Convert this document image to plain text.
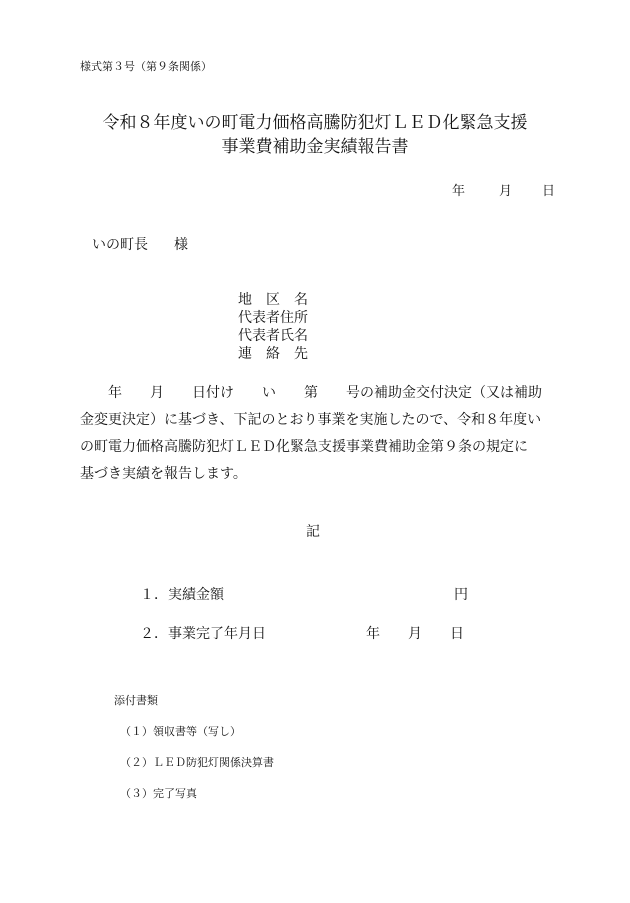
様式第３号（第９条関係）
令和８年度いの町電力価格高騰防犯灯ＬＥＤ化緊急支援
事業費補助金実績報告書
年	月 日
いの町長 様
地　区　名
代表者住所
代表者氏名
連　絡　先
　　年　　月　　日付け　　い　　第　　号の補助金交付決定（又は補助
金変更決定）に基づき、下記のとおり事業を実施したので、令和８年度い
の町電力価格高騰防犯灯ＬＥＤ化緊急支援事業費補助金第９条の規定に
基づき実績を報告します。
記
１．実績金額	円
２．事業完了年月日	年　　月　　日
添付書類
（１）領収書等（写し）
（２）ＬＥＤ防犯灯関係決算書
（３）完了写真
